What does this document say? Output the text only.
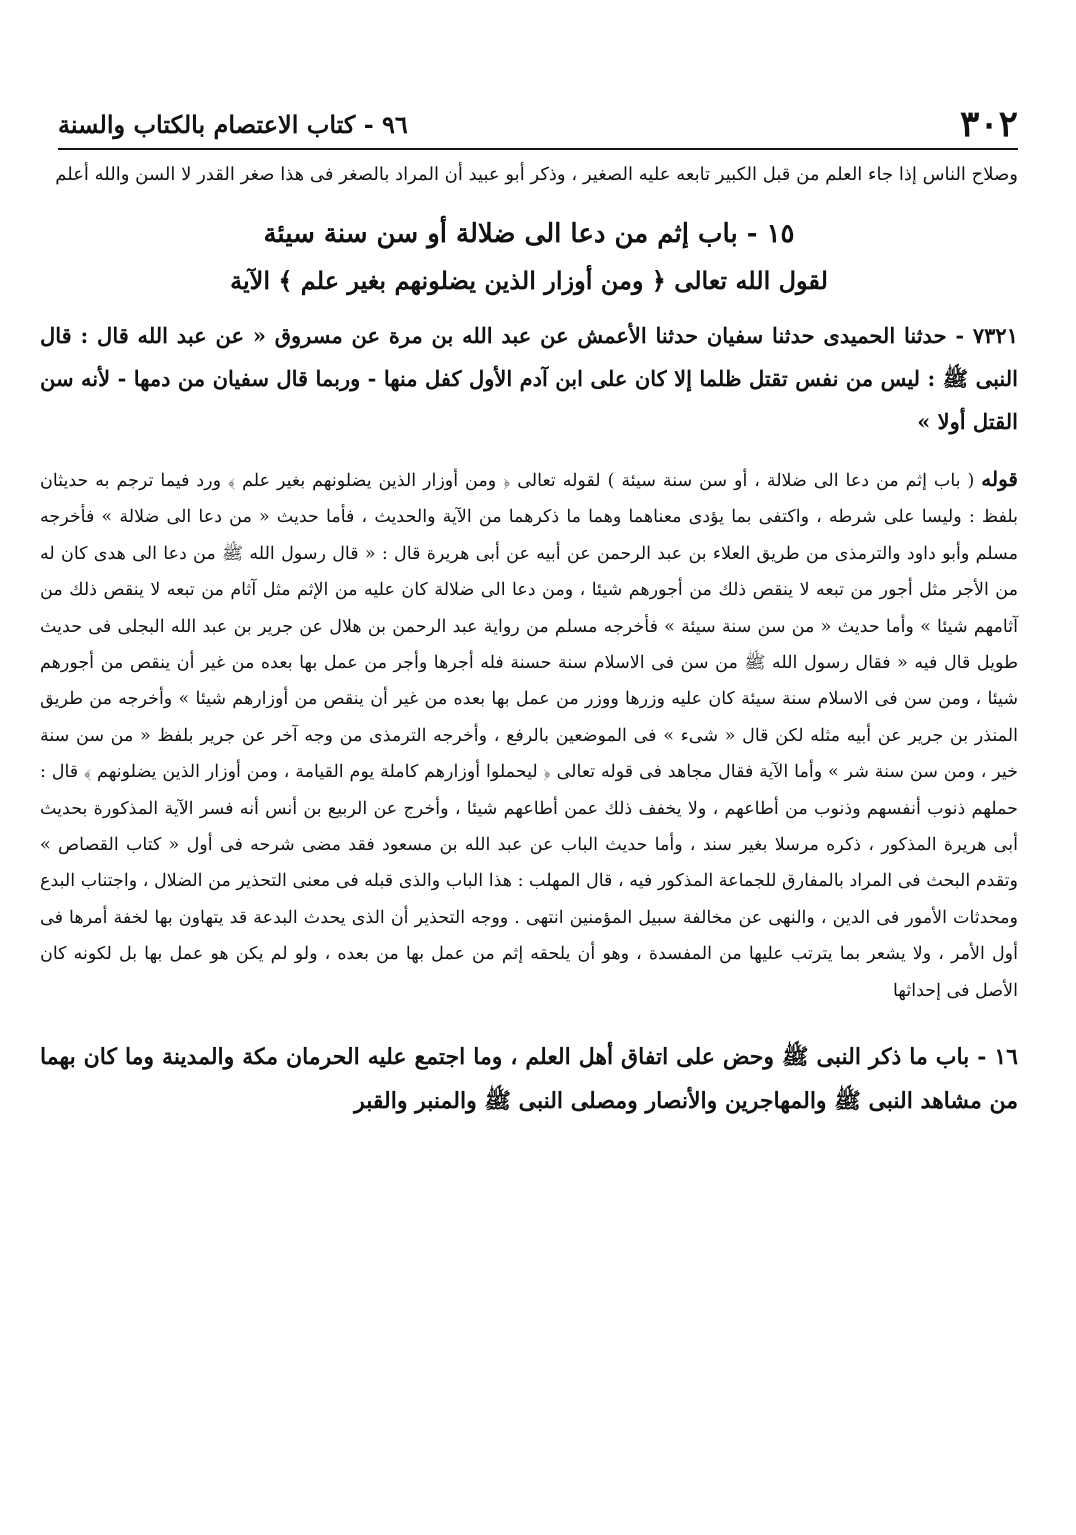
٣٠٢
٩٦ - كتاب الاعتصام بالكتاب والسنة

وصلاح الناس إذا جاء العلم من قبل الكبير تابعه عليه الصغير ، وذكر أبو عبيد أن المراد بالصغر فى هذا صغر القدر لا السن والله أعلم

١٥ - باب إثم من دعا الى ضلالة أو سن سنة سيئة
لقول الله تعالى ﴿ ومن أوزار الذين يضلونهم بغير علم ﴾ الآية

٧٣٢١ - حدثنا الحميدى حدثنا سفيان حدثنا الأعمش عن عبد الله بن مرة عن مسروق « عن عبد الله قال : قال النبى ﷺ : ليس من نفس تقتل ظلما إلا كان على ابن آدم الأول كفل منها - وربما قال سفيان من دمها - لأنه سن القتل أولا »

قوله ( باب إثم من دعا الى ضلالة ، أو سن سنة سيئة ) لقوله تعالى ﴿ ومن أوزار الذين يضلونهم بغير علم ﴾ ورد فيما ترجم به حديثان بلفظ : وليسا على شرطه ، واكتفى بما يؤدى معناهما وهما ما ذكرهما من الآية والحديث ، فأما حديث « من دعا الى ضلالة » فأخرجه مسلم وأبو داود والترمذى من طريق العلاء بن عبد الرحمن عن أبيه عن أبى هريرة قال : « قال رسول الله ﷺ من دعا الى هدى كان له من الأجر مثل أجور من تبعه لا ينقص ذلك من أجورهم شيئا ، ومن دعا الى ضلالة كان عليه من الإثم مثل آثام من تبعه لا ينقص ذلك من آثامهم شيئا » وأما حديث « من سن سنة سيئة » فأخرجه مسلم من رواية عبد الرحمن بن هلال عن جرير بن عبد الله البجلى فى حديث طويل قال فيه « فقال رسول الله ﷺ من سن فى الاسلام سنة حسنة فله أجرها وأجر من عمل بها بعده من غير أن ينقص من أجورهم شيئا ، ومن سن فى الاسلام سنة سيئة كان عليه وزرها ووزر من عمل بها بعده من غير أن ينقص من أوزارهم شيئا » وأخرجه من طريق المنذر بن جرير عن أبيه مثله لكن قال « شىء » فى الموضعين بالرفع ، وأخرجه الترمذى من وجه آخر عن جرير بلفظ « من سن سنة خير ، ومن سن سنة شر » وأما الآية فقال مجاهد فى قوله تعالى ﴿ ليحملوا أوزارهم كاملة يوم القيامة ، ومن أوزار الذين يضلونهم ﴾ قال : حملهم ذنوب أنفسهم وذنوب من أطاعهم ، ولا يخفف ذلك عمن أطاعهم شيئا ، وأخرج عن الربيع بن أنس أنه فسر الآية المذكورة بحديث أبى هريرة المذكور ، ذكره مرسلا بغير سند ، وأما حديث الباب عن عبد الله بن مسعود فقد مضى شرحه فى أول « كتاب القصاص » وتقدم البحث فى المراد بالمفارق للجماعة المذكور فيه ، قال المهلب : هذا الباب والذى قبله فى معنى التحذير من الضلال ، واجتناب البدع ومحدثات الأمور فى الدين ، والنهى عن مخالفة سبيل المؤمنين انتهى . ووجه التحذير أن الذى يحدث البدعة قد يتهاون بها لخفة أمرها فى أول الأمر ، ولا يشعر بما يترتب عليها من المفسدة ، وهو أن يلحقه إثم من عمل بها من بعده ، ولو لم يكن هو عمل بها بل لكونه كان الأصل فى إحداثها

١٦ - باب ما ذكر النبى ﷺ وحض على اتفاق أهل العلم ، وما اجتمع عليه الحرمان مكة والمدينة وما كان بهما من مشاهد النبى ﷺ والمهاجرين والأنصار ومصلى النبى ﷺ والمنبر والقبر
